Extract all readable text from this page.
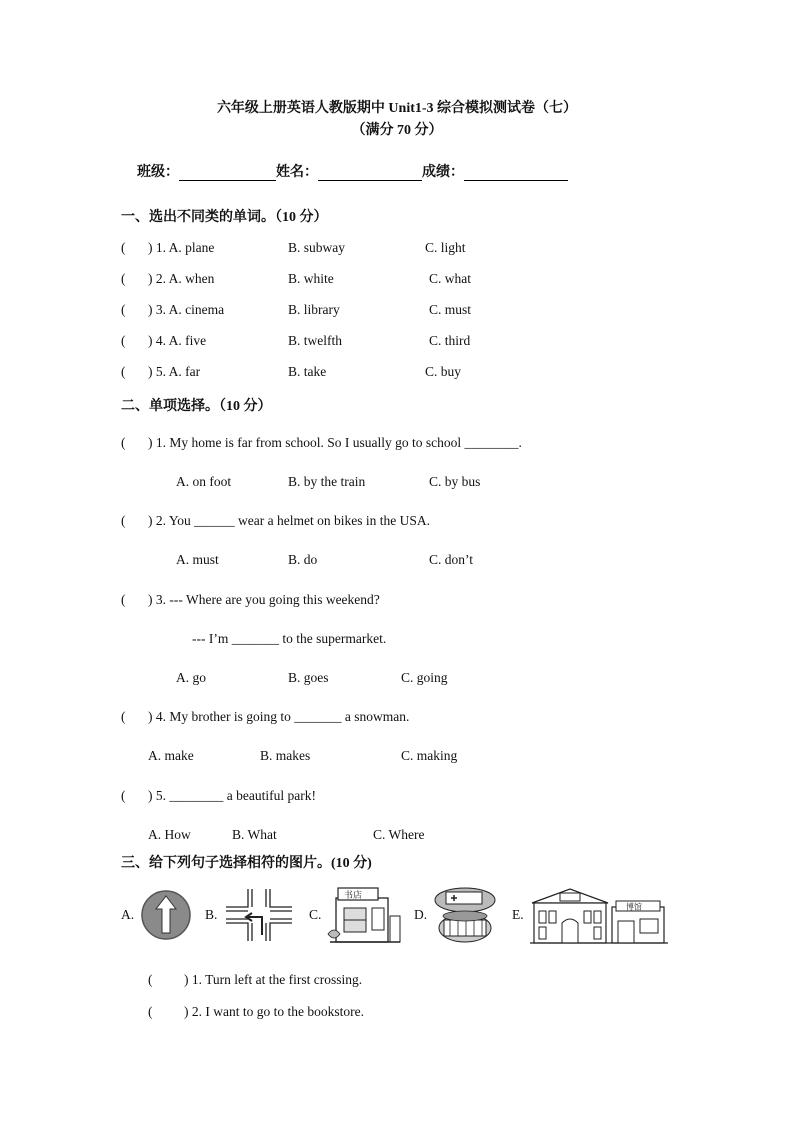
六年级上册英语人教版期中 Unit1-3 综合模拟测试卷（七）
（满分 70 分）
班级：	姓名：	成绩：
一、选出不同类的单词。（10 分）
( ) 1. A. plane	B. subway	C. light
( ) 2. A. when	B. white	C. what
( ) 3. A. cinema	B. library	C. must
( ) 4. A. five	B. twelfth	C. third
( ) 5. A. far	B. take	C. buy
二、单项选择。（10 分）
( ) 1. My home is far from school. So I usually go to school ________.
A. on foot	B. by the train	C. by bus
( ) 2. You ______ wear a helmet on bikes in the USA.
A. must	B. do	C. don’t
( ) 3. --- Where are you going this weekend?
--- I’m _______ to the supermarket.
A. go	B. goes	C. going
( ) 4. My brother is going to _______ a snowman.
A. make	B. makes	C. making
( ) 5. ________ a beautiful park!
A. How	B. What	C. Where
三、给下列句子选择相符的图片。(10 分)
A.	B.	C.
书店
D.	E.	博馆
( ) 1. Turn left at the first crossing.
( ) 2. I want to go to the bookstore.
